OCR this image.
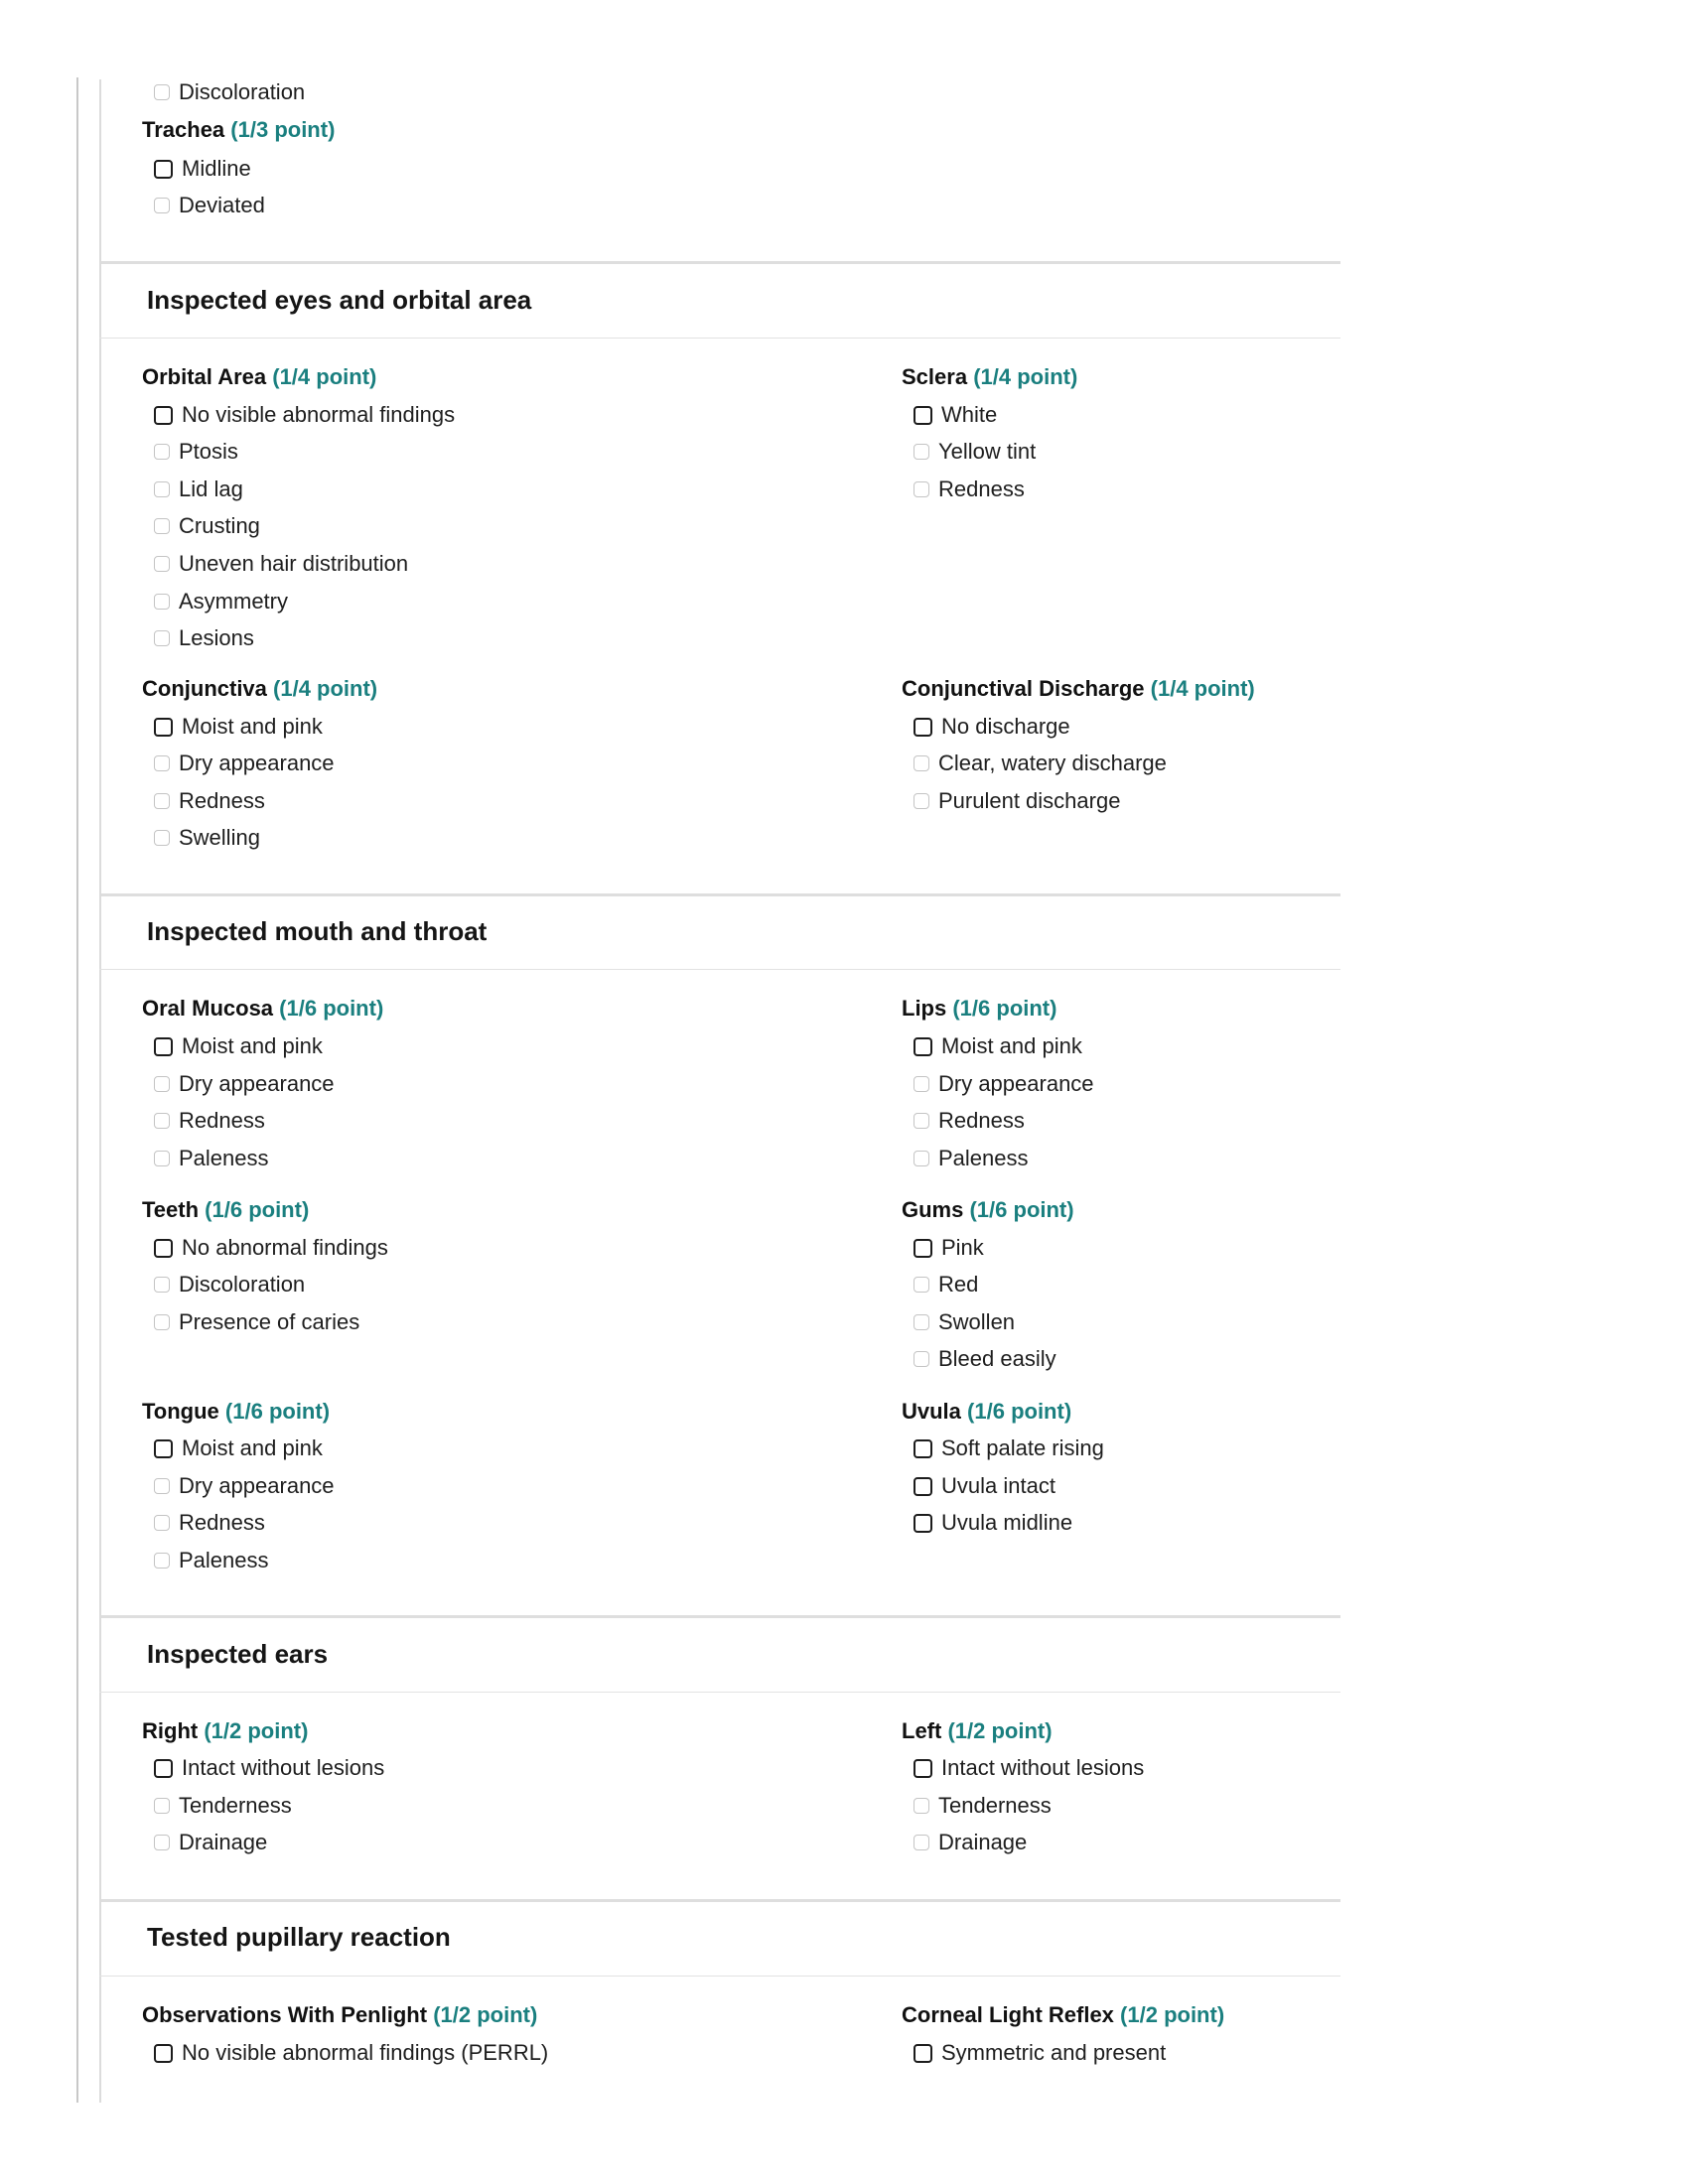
Discoloration
Trachea (1/3 point)
Midline
Deviated
Inspected eyes and orbital area
Orbital Area (1/4 point)
No visible abnormal findings
Ptosis
Lid lag
Crusting
Uneven hair distribution
Asymmetry
Lesions
Sclera (1/4 point)
White
Yellow tint
Redness
Conjunctiva (1/4 point)
Moist and pink
Dry appearance
Redness
Swelling
Conjunctival Discharge (1/4 point)
No discharge
Clear, watery discharge
Purulent discharge
Inspected mouth and throat
Oral Mucosa (1/6 point)
Moist and pink
Dry appearance
Redness
Paleness
Lips (1/6 point)
Moist and pink
Dry appearance
Redness
Paleness
Teeth (1/6 point)
No abnormal findings
Discoloration
Presence of caries
Gums (1/6 point)
Pink
Red
Swollen
Bleed easily
Tongue (1/6 point)
Moist and pink
Dry appearance
Redness
Paleness
Uvula (1/6 point)
Soft palate rising
Uvula intact
Uvula midline
Inspected ears
Right (1/2 point)
Intact without lesions
Tenderness
Drainage
Left (1/2 point)
Intact without lesions
Tenderness
Drainage
Tested pupillary reaction
Observations With Penlight (1/2 point)
No visible abnormal findings (PERRL)
Corneal Light Reflex (1/2 point)
Symmetric and present
